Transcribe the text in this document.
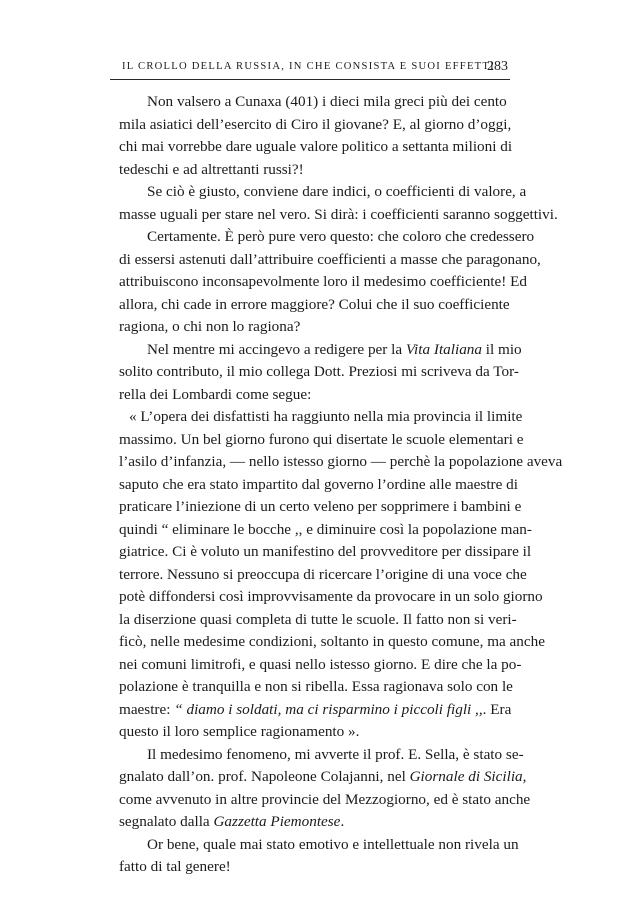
IL CROLLO DELLA RUSSIA, IN CHE CONSISTA E SUOI EFFETTI
283
Non valsero a Cunaxa (401) i dieci mila greci più dei cento
mila asiatici dell’esercito di Ciro il giovane? E, al giorno d’oggi,
chi mai vorrebbe dare uguale valore politico a settanta milioni di
tedeschi e ad altrettanti russi?!
Se ciò è giusto, conviene dare indici, o coefficienti di valore, a
masse uguali per stare nel vero. Si dirà: i coefficienti saranno soggettivi.
Certamente. È però pure vero questo: che coloro che credessero
di essersi astenuti dall’attribuire coefficienti a masse che paragonano,
attribuiscono inconsapevolmente loro il medesimo coefficiente! Ed
allora, chi cade in errore maggiore? Colui che il suo coefficiente
ragiona, o chi non lo ragiona?
Nel mentre mi accingevo a redigere per la Vita Italiana il mio
solito contributo, il mio collega Dott. Preziosi mi scriveva da Tor-
rella dei Lombardi come segue:
« L’opera dei disfattisti ha raggiunto nella mia provincia il limite
massimo. Un bel giorno furono qui disertate le scuole elementari e
l’asilo d’infanzia, — nello istesso giorno — perchè la popolazione aveva
saputo che era stato impartito dal governo l’ordine alle maestre di
praticare l’iniezione di un certo veleno per sopprimere i bambini e
quindi “ eliminare le bocche ,, e diminuire così la popolazione man-
giatrice. Ci è voluto un manifestino del provveditore per dissipare il
terrore. Nessuno si preoccupa di ricercare l’origine di una voce che
potè diffondersi così improvvisamente da provocare in un solo giorno
la diserzione quasi completa di tutte le scuole. Il fatto non si veri-
ficò, nelle medesime condizioni, soltanto in questo comune, ma anche
nei comuni limitrofi, e quasi nello istesso giorno. E dire che la po-
polazione è tranquilla e non si ribella. Essa ragionava solo con le
maestre: “ diamo i soldati, ma ci risparmino i piccoli figli ,,. Era
questo il loro semplice ragionamento ».
Il medesimo fenomeno, mi avverte il prof. E. Sella, è stato se-
gnalato dall’on. prof. Napoleone Colajanni, nel Giornale di Sicilia,
come avvenuto in altre provincie del Mezzogiorno, ed è stato anche
segnalato dalla Gazzetta Piemontese.
Or bene, quale mai stato emotivo e intellettuale non rivela un
fatto di tal genere!
